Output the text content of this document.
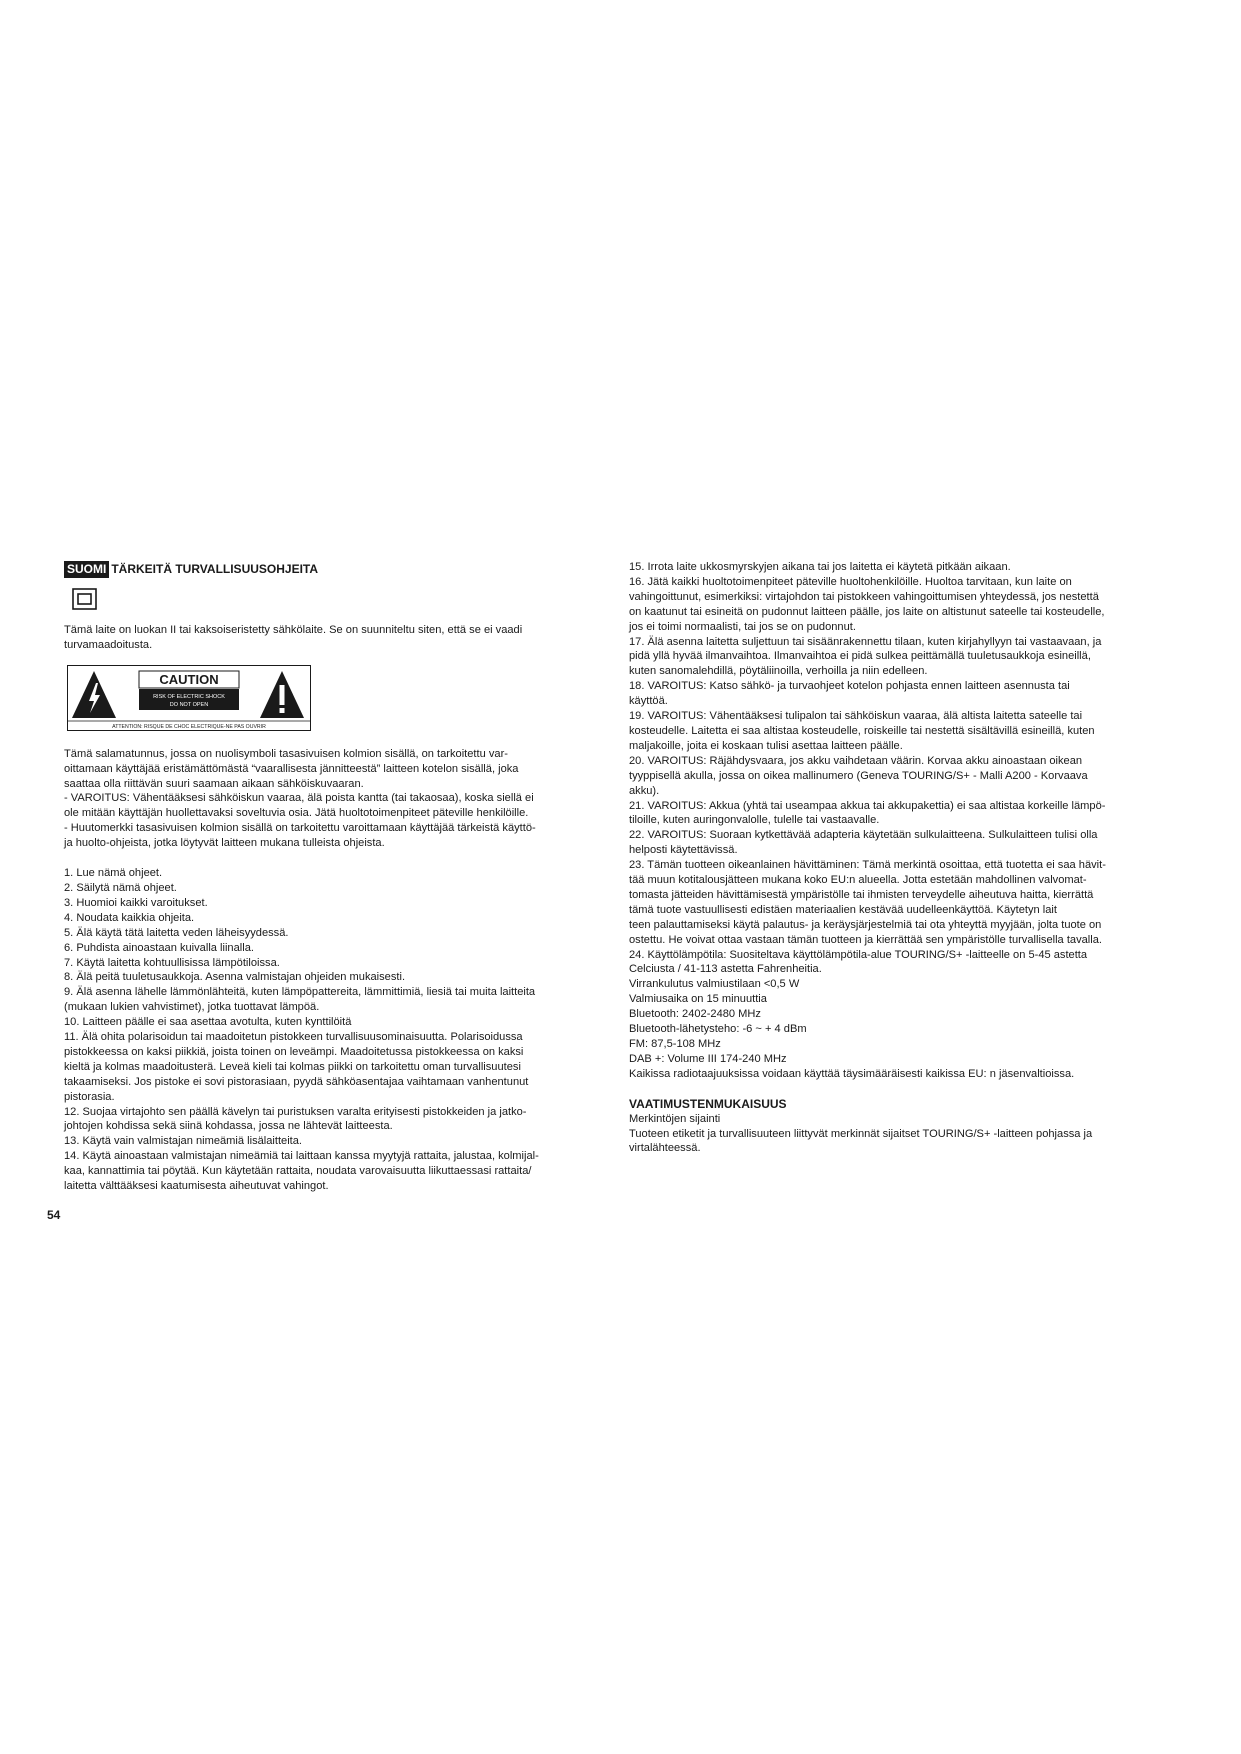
SUOMI TÄRKEITÄ TURVALLISUUSOHJEITA
Tämä laite on luokan II tai kaksoiseristetty sähkölaite. Se on suunniteltu siten, että se ei vaadi
turvamaadoitusta.
CAUTION
RISK OF ELECTRIC SHOCK
DO NOT OPEN
ATTENTION: RISQUE DE CHOC ELECTRIQUE-NE PAS OUVRIR
Tämä salamatunnus, jossa on nuolisymboli tasasivuisen kolmion sisällä, on tarkoitettu var-
oittamaan käyttäjää eristämättömästä “vaarallisesta jännitteestä” laitteen kotelon sisällä, joka
saattaa olla riittävän suuri saamaan aikaan sähköiskuvaaran.
- VAROITUS: Vähentääksesi sähköiskun vaaraa, älä poista kantta (tai takaosaa), koska siellä ei
ole mitään käyttäjän huollettavaksi soveltuvia osia. Jätä huoltotoimenpiteet päteville henkilöille.
- Huutomerkki tasasivuisen kolmion sisällä on tarkoitettu varoittamaan käyttäjää tärkeistä käyttö-
ja huolto-ohjeista, jotka löytyvät laitteen mukana tulleista ohjeista.
1. Lue nämä ohjeet.
2. Säilytä nämä ohjeet.
3. Huomioi kaikki varoitukset.
4. Noudata kaikkia ohjeita.
5. Älä käytä tätä laitetta veden läheisyydessä.
6. Puhdista ainoastaan kuivalla liinalla.
7. Käytä laitetta kohtuullisissa lämpötiloissa.
8. Älä peitä tuuletusaukkoja. Asenna valmistajan ohjeiden mukaisesti.
9. Älä asenna lähelle lämmönlähteitä, kuten lämpöpattereita, lämmittimiä, liesiä tai muita laitteita
(mukaan lukien vahvistimet), jotka tuottavat lämpöä.
10. Laitteen päälle ei saa asettaa avotulta, kuten kynttilöitä
11. Älä ohita polarisoidun tai maadoitetun pistokkeen turvallisuusominaisuutta. Polarisoidussa
pistokkeessa on kaksi piikkiä, joista toinen on leveämpi. Maadoitetussa pistokkeessa on kaksi
kieltä ja kolmas maadoitusterä. Leveä kieli tai kolmas piikki on tarkoitettu oman turvallisuutesi
takaamiseksi. Jos pistoke ei sovi pistorasiaan, pyydä sähköasentajaa vaihtamaan vanhentunut
pistorasia.
12. Suojaa virtajohto sen päällä kävelyn tai puristuksen varalta erityisesti pistokkeiden ja jatko-
johtojen kohdissa sekä siinä kohdassa, jossa ne lähtevät laitteesta.
13. Käytä vain valmistajan nimeämiä lisälaitteita.
14. Käytä ainoastaan valmistajan nimeämiä tai laittaan kanssa myytyjä rattaita, jalustaa, kolmijal-
kaa, kannattimia tai pöytää. Kun käytetään rattaita, noudata varovaisuutta liikuttaessasi rattaita/
laitetta välttääksesi kaatumisesta aiheutuvat vahingot.
15. Irrota laite ukkosmyrskyjen aikana tai jos laitetta ei käytetä pitkään aikaan.
16. Jätä kaikki huoltotoimenpiteet päteville huoltohenkilöille. Huoltoa tarvitaan, kun laite on
vahingoittunut, esimerkiksi: virtajohdon tai pistokkeen vahingoittumisen yhteydessä, jos nestettä
on kaatunut tai esineitä on pudonnut laitteen päälle, jos laite on altistunut sateelle tai kosteudelle,
jos ei toimi normaalisti, tai jos se on pudonnut.
17. Älä asenna laitetta suljettuun tai sisäänrakennettu tilaan, kuten kirjahyllyyn tai vastaavaan, ja
pidä yllä hyvää ilmanvaihtoa. Ilmanvaihtoa ei pidä sulkea peittämällä tuuletusaukkoja esineillä,
kuten sanomalehdillä, pöytäliinoilla, verhoilla ja niin edelleen.
18. VAROITUS: Katso sähkö- ja turvaohjeet kotelon pohjasta ennen laitteen asennusta tai
käyttöä.
19. VAROITUS: Vähentääksesi tulipalon tai sähköiskun vaaraa, älä altista laitetta sateelle tai
kosteudelle. Laitetta ei saa altistaa kosteudelle, roiskeille tai nestettä sisältävillä esineillä, kuten
maljakoille, joita ei koskaan tulisi asettaa laitteen päälle.
20. VAROITUS: Räjähdysvaara, jos akku vaihdetaan väärin. Korvaa akku ainoastaan oikean
tyyppisellä akulla, jossa on oikea mallinumero (Geneva TOURING/S+ - Malli A200 - Korvaava
akku).
21. VAROITUS: Akkua (yhtä tai useampaa akkua tai akkupakettia) ei saa altistaa korkeille lämpö-
tiloille, kuten auringonvalolle, tulelle tai vastaavalle.
22. VAROITUS: Suoraan kytkettävää adapteria käytetään sulkulaitteena. Sulkulaitteen tulisi olla
helposti käytettävissä.
23. Tämän tuotteen oikeanlainen hävittäminen: Tämä merkintä osoittaa, että tuotetta ei saa hävit-
tää muun kotitalousjätteen mukana koko EU:n alueella. Jotta estetään mahdollinen valvomat-
tomasta jätteiden hävittämisestä ympäristölle tai ihmisten terveydelle aiheutuva haitta, kierrättä
tämä tuote vastuullisesti edistäen materiaalien kestävää uudelleenkäyttöä. Käytetyn lait
teen palauttamiseksi käytä palautus- ja keräysjärjestelmiä tai ota yhteyttä myyjään, jolta tuote on
ostettu. He voivat ottaa vastaan tämän tuotteen ja kierrättää sen ympäristölle turvallisella tavalla.
24. Käyttölämpötila: Suositeltava käyttölämpötila-alue TOURING/S+ -laitteelle on 5-45 astetta
Celciusta / 41-113 astetta Fahrenheitia.
Virrankulutus valmiustilaan <0,5 W
Valmiusaika on 15 minuuttia
Bluetooth: 2402-2480 MHz
Bluetooth-lähetysteho: -6 ~ + 4 dBm
FM: 87,5-108 MHz
DAB +: Volume III 174-240 MHz
Kaikissa radiotaajuuksissa voidaan käyttää täysimääräisesti kaikissa EU: n jäsenvaltioissa.
VAATIMUSTENMUKAISUUS
Merkintöjen sijainti
Tuoteen etiketit ja turvallisuuteen liittyvät merkinnät sijaitset TOURING/S+ -laitteen pohjassa ja
virtalähteessä.
54
